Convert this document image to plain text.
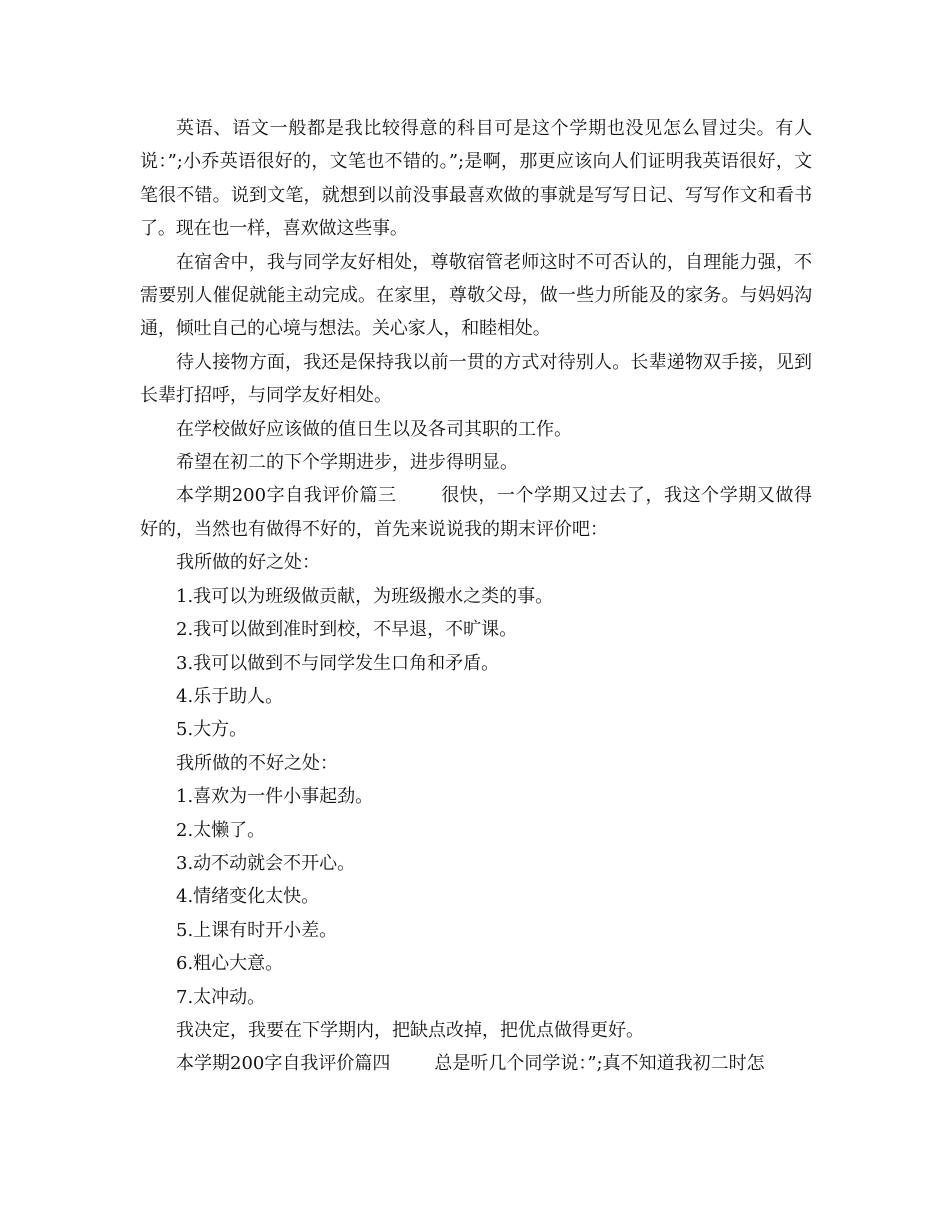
英语、语文一般都是我比较得意的科目可是这个学期也没见怎么冒过尖。有人说：”;小乔英语很好的，文笔也不错的。”;是啊，那更应该向人们证明我英语很好，文笔很不错。说到文笔，就想到以前没事最喜欢做的事就是写写日记、写写作文和看书了。现在也一样，喜欢做这些事。

在宿舍中，我与同学友好相处，尊敬宿管老师这时不可否认的，自理能力强，不需要别人催促就能主动完成。在家里，尊敬父母，做一些力所能及的家务。与妈妈沟通，倾吐自己的心境与想法。关心家人，和睦相处。

待人接物方面，我还是保持我以前一贯的方式对待别人。长辈递物双手接，见到长辈打招呼，与同学友好相处。

在学校做好应该做的值日生以及各司其职的工作。

希望在初二的下个学期进步，进步得明显。

本学期200字自我评价篇三 很快，一个学期又过去了，我这个学期又做得好的，当然也有做得不好的，首先来说说我的期末评价吧：

我所做的好之处：

1.我可以为班级做贡献，为班级搬水之类的事。

2.我可以做到准时到校，不早退，不旷课。

3.我可以做到不与同学发生口角和矛盾。

4.乐于助人。

5.大方。

我所做的不好之处：

1.喜欢为一件小事起劲。

2.太懒了。

3.动不动就会不开心。

4.情绪变化太快。

5.上课有时开小差。

6.粗心大意。

7.太冲动。

我决定，我要在下学期内，把缺点改掉，把优点做得更好。

本学期200字自我评价篇四 总是听几个同学说：”;真不知道我初二时怎
